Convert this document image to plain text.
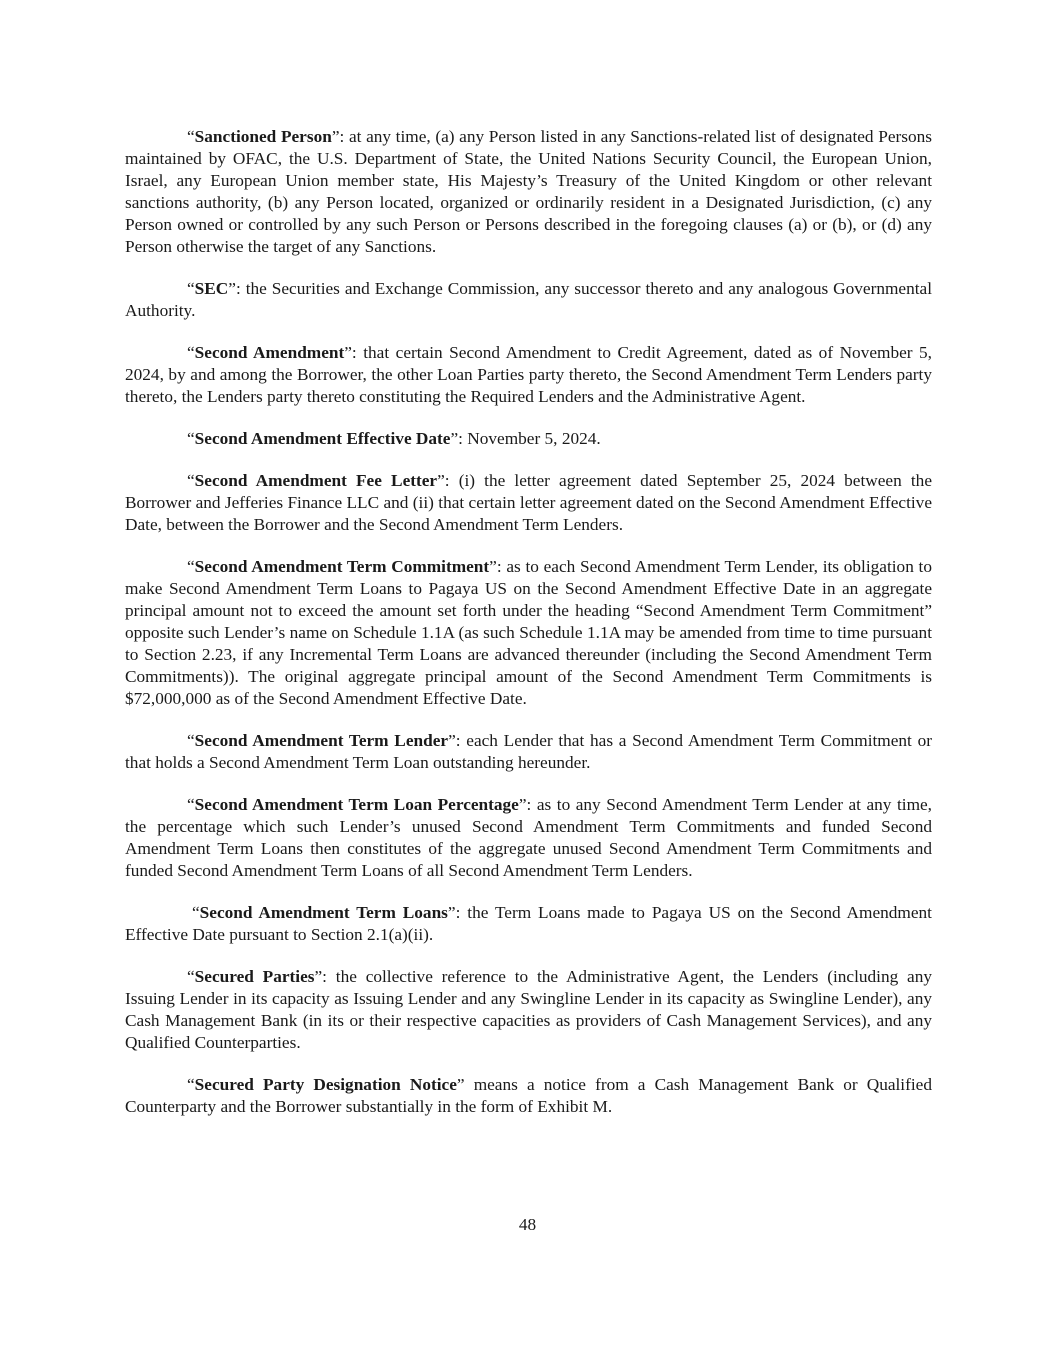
“Sanctioned Person”: at any time, (a) any Person listed in any Sanctions-related list of designated Persons maintained by OFAC, the U.S. Department of State, the United Nations Security Council, the European Union, Israel, any European Union member state, His Majesty’s Treasury of the United Kingdom or other relevant sanctions authority, (b) any Person located, organized or ordinarily resident in a Designated Jurisdiction, (c) any Person owned or controlled by any such Person or Persons described in the foregoing clauses (a) or (b), or (d) any Person otherwise the target of any Sanctions.

“SEC”: the Securities and Exchange Commission, any successor thereto and any analogous Governmental Authority.

“Second Amendment”: that certain Second Amendment to Credit Agreement, dated as of November 5, 2024, by and among the Borrower, the other Loan Parties party thereto, the Second Amendment Term Lenders party thereto, the Lenders party thereto constituting the Required Lenders and the Administrative Agent.

“Second Amendment Effective Date”: November 5, 2024.

“Second Amendment Fee Letter”: (i) the letter agreement dated September 25, 2024 between the Borrower and Jefferies Finance LLC and (ii) that certain letter agreement dated on the Second Amendment Effective Date, between the Borrower and the Second Amendment Term Lenders.

“Second Amendment Term Commitment”: as to each Second Amendment Term Lender, its obligation to make Second Amendment Term Loans to Pagaya US on the Second Amendment Effective Date in an aggregate principal amount not to exceed the amount set forth under the heading “Second Amendment Term Commitment” opposite such Lender’s name on Schedule 1.1A (as such Schedule 1.1A may be amended from time to time pursuant to Section 2.23, if any Incremental Term Loans are advanced thereunder (including the Second Amendment Term Commitments)). The original aggregate principal amount of the Second Amendment Term Commitments is $72,000,000 as of the Second Amendment Effective Date.

“Second Amendment Term Lender”: each Lender that has a Second Amendment Term Commitment or that holds a Second Amendment Term Loan outstanding hereunder.

“Second Amendment Term Loan Percentage”: as to any Second Amendment Term Lender at any time, the percentage which such Lender’s unused Second Amendment Term Commitments and funded Second Amendment Term Loans then constitutes of the aggregate unused Second Amendment Term Commitments and funded Second Amendment Term Loans of all Second Amendment Term Lenders.

“Second Amendment Term Loans”: the Term Loans made to Pagaya US on the Second Amendment Effective Date pursuant to Section 2.1(a)(ii).

“Secured Parties”: the collective reference to the Administrative Agent, the Lenders (including any Issuing Lender in its capacity as Issuing Lender and any Swingline Lender in its capacity as Swingline Lender), any Cash Management Bank (in its or their respective capacities as providers of Cash Management Services), and any Qualified Counterparties.

“Secured Party Designation Notice” means a notice from a Cash Management Bank or Qualified Counterparty and the Borrower substantially in the form of Exhibit M.

48
